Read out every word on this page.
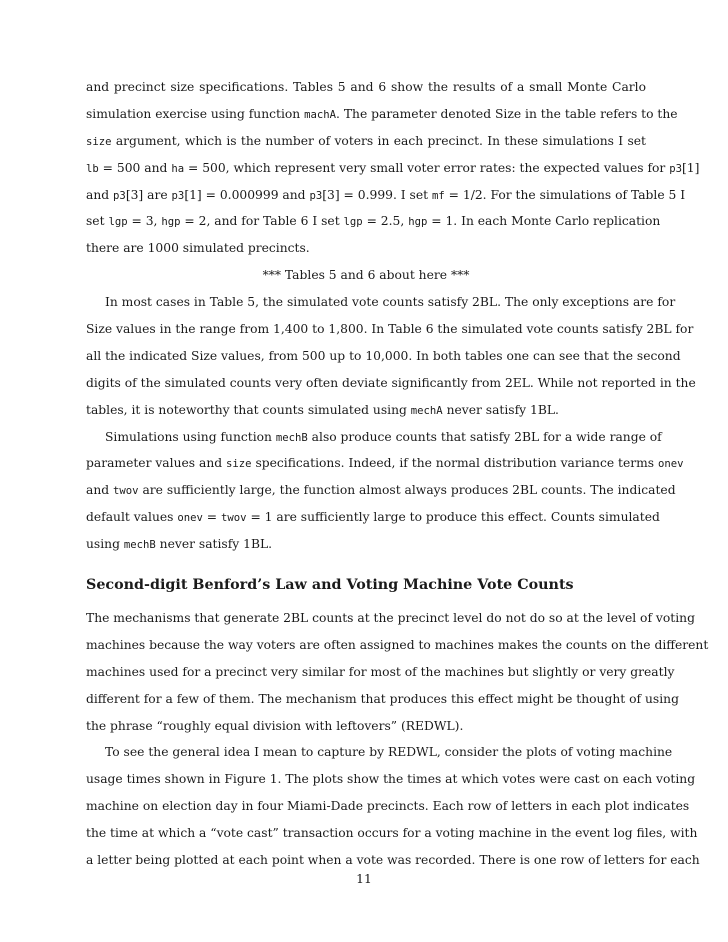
and precinct size specifications. Tables 5 and 6 show the results of a small Monte Carlo
simulation exercise using function machA. The parameter denoted Size in the table refers to the
size argument, which is the number of voters in each precinct. In these simulations I set
lb = 500 and ha = 500, which represent very small voter error rates: the expected values for p3[1]
and p3[3] are p3[1] = 0.000999 and p3[3] = 0.999. I set mf = 1/2. For the simulations of Table 5 I
set lgp = 3, hgp = 2, and for Table 6 I set lgp = 2.5, hgp = 1. In each Monte Carlo replication
there are 1000 simulated precincts.
*** Tables 5 and 6 about here ***
In most cases in Table 5, the simulated vote counts satisfy 2BL. The only exceptions are for
Size values in the range from 1,400 to 1,800. In Table 6 the simulated vote counts satisfy 2BL for
all the indicated Size values, from 500 up to 10,000. In both tables one can see that the second
digits of the simulated counts very often deviate significantly from 2EL. While not reported in the
tables, it is noteworthy that counts simulated using mechA never satisfy 1BL.
Simulations using function mechB also produce counts that satisfy 2BL for a wide range of
parameter values and size specifications. Indeed, if the normal distribution variance terms onev
and twov are sufficiently large, the function almost always produces 2BL counts. The indicated
default values onev = twov = 1 are sufficiently large to produce this effect. Counts simulated
using mechB never satisfy 1BL.
Second-digit Benford’s Law and Voting Machine Vote Counts
The mechanisms that generate 2BL counts at the precinct level do not do so at the level of voting
machines because the way voters are often assigned to machines makes the counts on the different
machines used for a precinct very similar for most of the machines but slightly or very greatly
different for a few of them. The mechanism that produces this effect might be thought of using
the phrase “roughly equal division with leftovers” (REDWL).
To see the general idea I mean to capture by REDWL, consider the plots of voting machine
usage times shown in Figure 1. The plots show the times at which votes were cast on each voting
machine on election day in four Miami-Dade precincts. Each row of letters in each plot indicates
the time at which a “vote cast” transaction occurs for a voting machine in the event log files, with
a letter being plotted at each point when a vote was recorded. There is one row of letters for each
11
